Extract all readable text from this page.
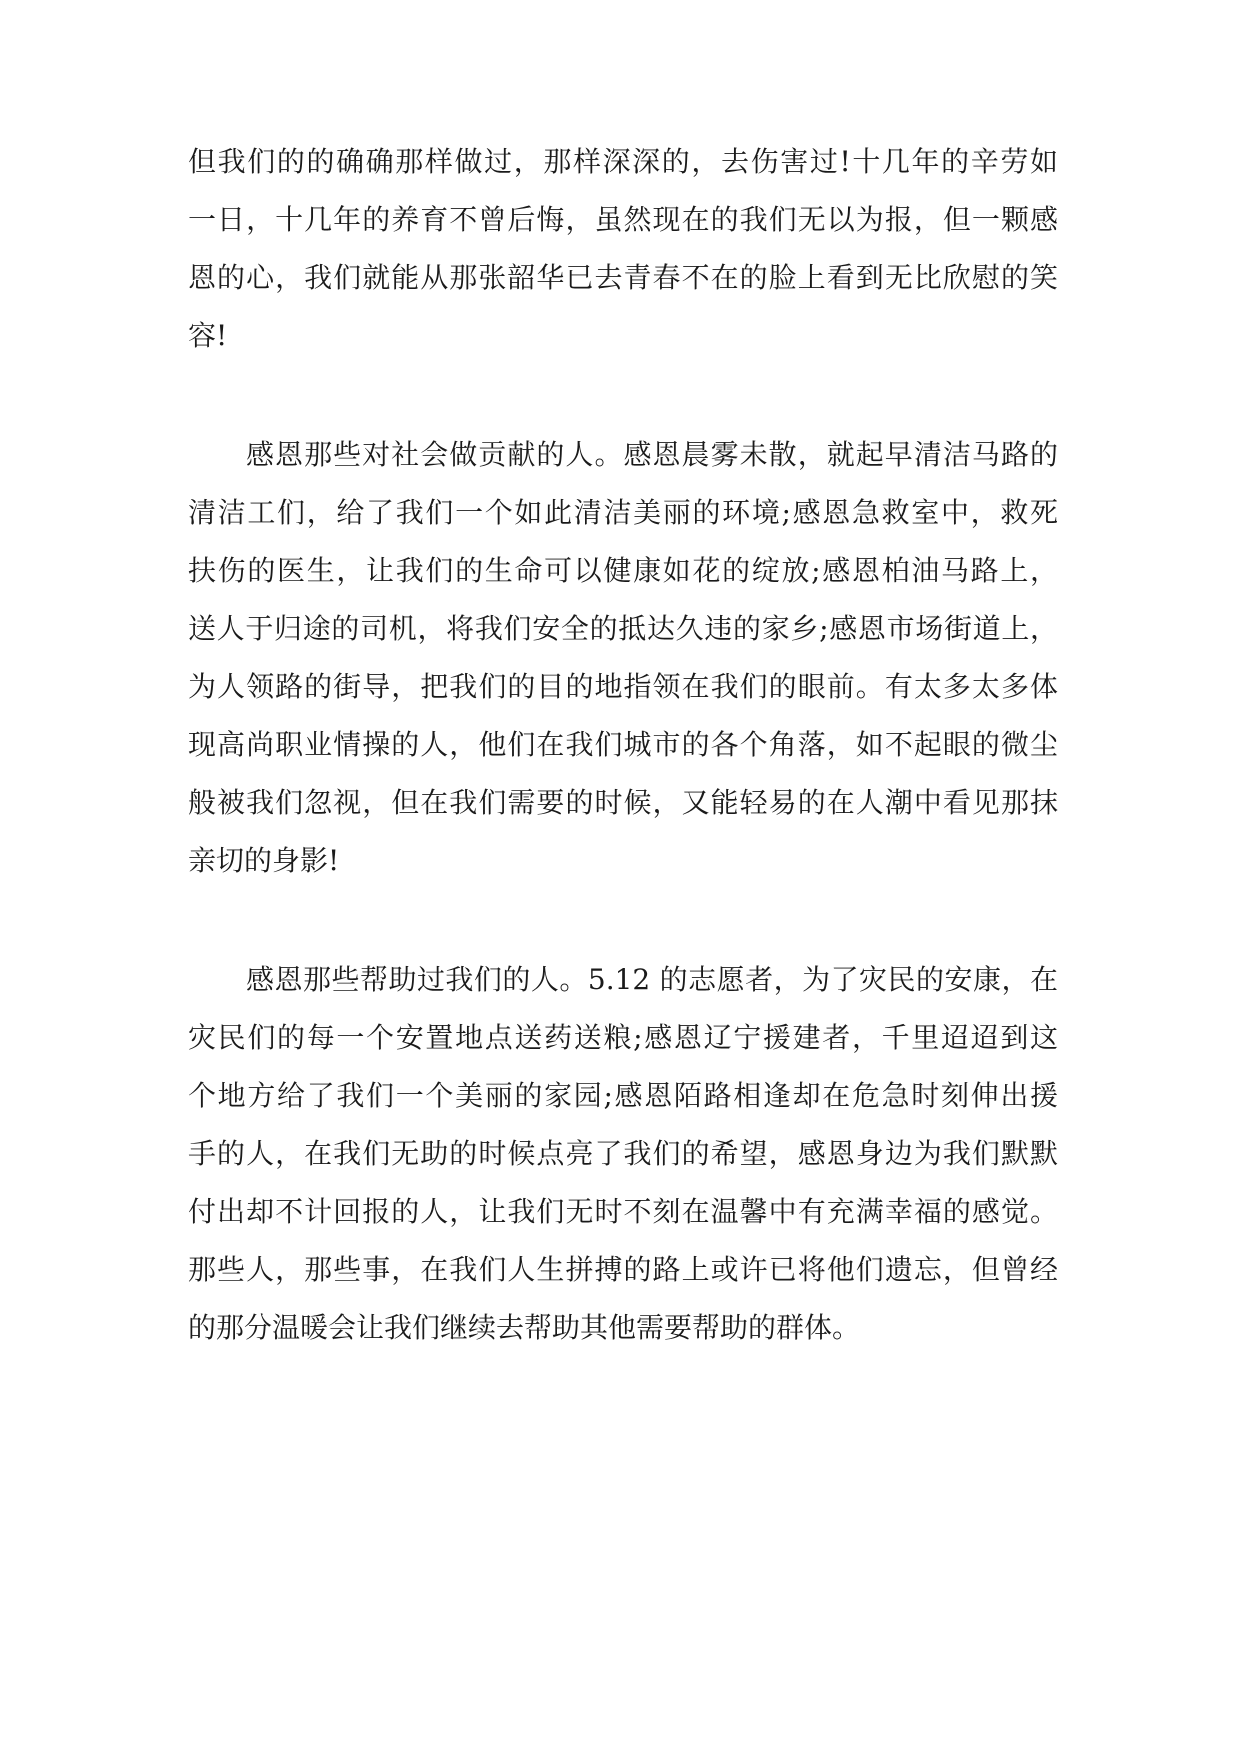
但我们的的确确那样做过，那样深深的，去伤害过!十几年的辛劳如
一日，十几年的养育不曾后悔，虽然现在的我们无以为报，但一颗感
恩的心，我们就能从那张韶华已去青春不在的脸上看到无比欣慰的笑
容!
感恩那些对社会做贡献的人。感恩晨雾未散，就起早清洁马路的
清洁工们，给了我们一个如此清洁美丽的环境;感恩急救室中，救死
扶伤的医生，让我们的生命可以健康如花的绽放;感恩柏油马路上，
送人于归途的司机，将我们安全的抵达久违的家乡;感恩市场街道上，
为人领路的街导，把我们的目的地指领在我们的眼前。有太多太多体
现高尚职业情操的人，他们在我们城市的各个角落，如不起眼的微尘
般被我们忽视，但在我们需要的时候，又能轻易的在人潮中看见那抹
亲切的身影!
感恩那些帮助过我们的人。5.12 的志愿者，为了灾民的安康，在
灾民们的每一个安置地点送药送粮;感恩辽宁援建者，千里迢迢到这
个地方给了我们一个美丽的家园;感恩陌路相逢却在危急时刻伸出援
手的人，在我们无助的时候点亮了我们的希望，感恩身边为我们默默
付出却不计回报的人，让我们无时不刻在温馨中有充满幸福的感觉。
那些人，那些事，在我们人生拼搏的路上或许已将他们遗忘，但曾经
的那分温暖会让我们继续去帮助其他需要帮助的群体。
